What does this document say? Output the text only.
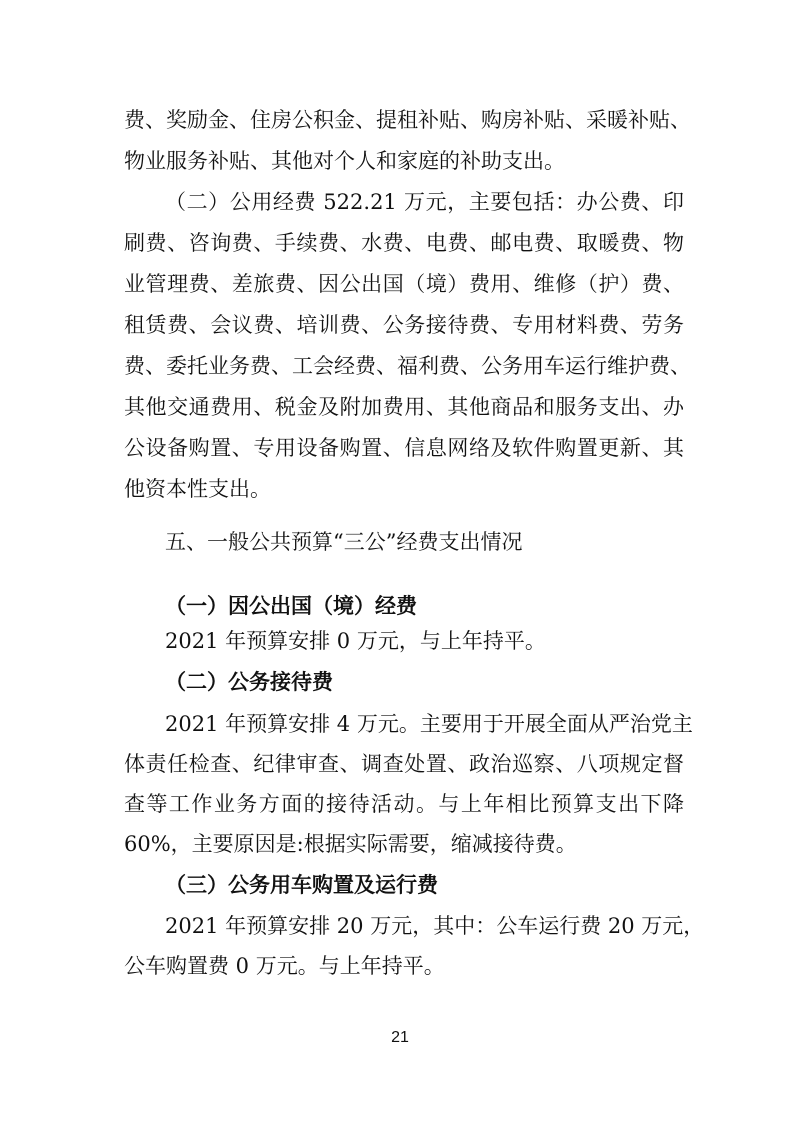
费、奖励金、住房公积金、提租补贴、购房补贴、采暖补贴、
物业服务补贴、其他对个人和家庭的补助支出。
（二）公用经费 522.21 万元，主要包括：办公费、印
刷费、咨询费、手续费、水费、电费、邮电费、取暖费、物
业管理费、差旅费、因公出国（境）费用、维修（护）费、
租赁费、会议费、培训费、公务接待费、专用材料费、劳务
费、委托业务费、工会经费、福利费、公务用车运行维护费、
其他交通费用、税金及附加费用、其他商品和服务支出、办
公设备购置、专用设备购置、信息网络及软件购置更新、其
他资本性支出。
五、一般公共预算“三公”经费支出情况
（一）因公出国（境）经费
2021 年预算安排 0 万元，与上年持平。
（二）公务接待费
2021 年预算安排 4 万元。主要用于开展全面从严治党主
体责任检查、纪律审查、调查处置、政治巡察、八项规定督
查等工作业务方面的接待活动。与上年相比预算支出下降
60%，主要原因是:根据实际需要，缩减接待费。
（三）公务用车购置及运行费
2021 年预算安排 20 万元，其中：公车运行费 20 万元，
公车购置费 0 万元。与上年持平。
21
